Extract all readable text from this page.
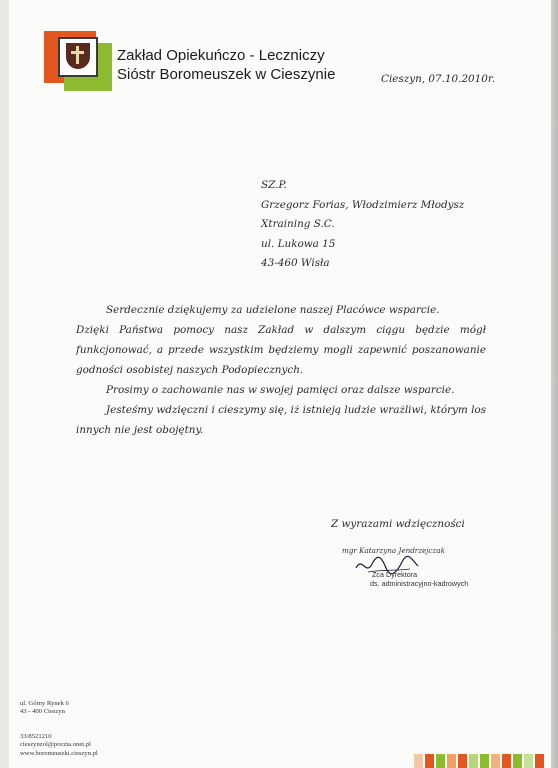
Zakład Opiekuńczo - Leczniczy
Sióstr Boromeuszek w Cieszynie	Cieszyn, 07.10.2010r.
SZ.P.
Grzegorz Forias, Włodzimierz Młodysz
Xtraining S.C.
ul. Lukowa 15
43-460 Wisła

Serdecznie dziękujemy za udzielone naszej Placówce wsparcie.

Dzięki Państwa pomocy nasz Zakład w dalszym ciągu będzie mógł funkcjonować, a przede wszystkim będziemy mogli zapewnić poszanowanie godności osobistej naszych Podopiecznych.

Prosimy o zachowanie nas w swojej pamięci oraz dalsze wsparcie.

Jesteśmy wdzięczni i cieszymy się, iż istnieją ludzie wrażliwi, którym los innych nie jest obojętny.

Z wyrazami wdzięczności
mgr Katarzyna Jendrzejczak
Zca Dyrektora
ds. administracyjno-kadrowych
ul. Górny Rynek 6
43 - 400 Cieszyn
33/8521210
cieszynzol@poczta.onet.pl
www.boromeuszki.cieszyn.pl
